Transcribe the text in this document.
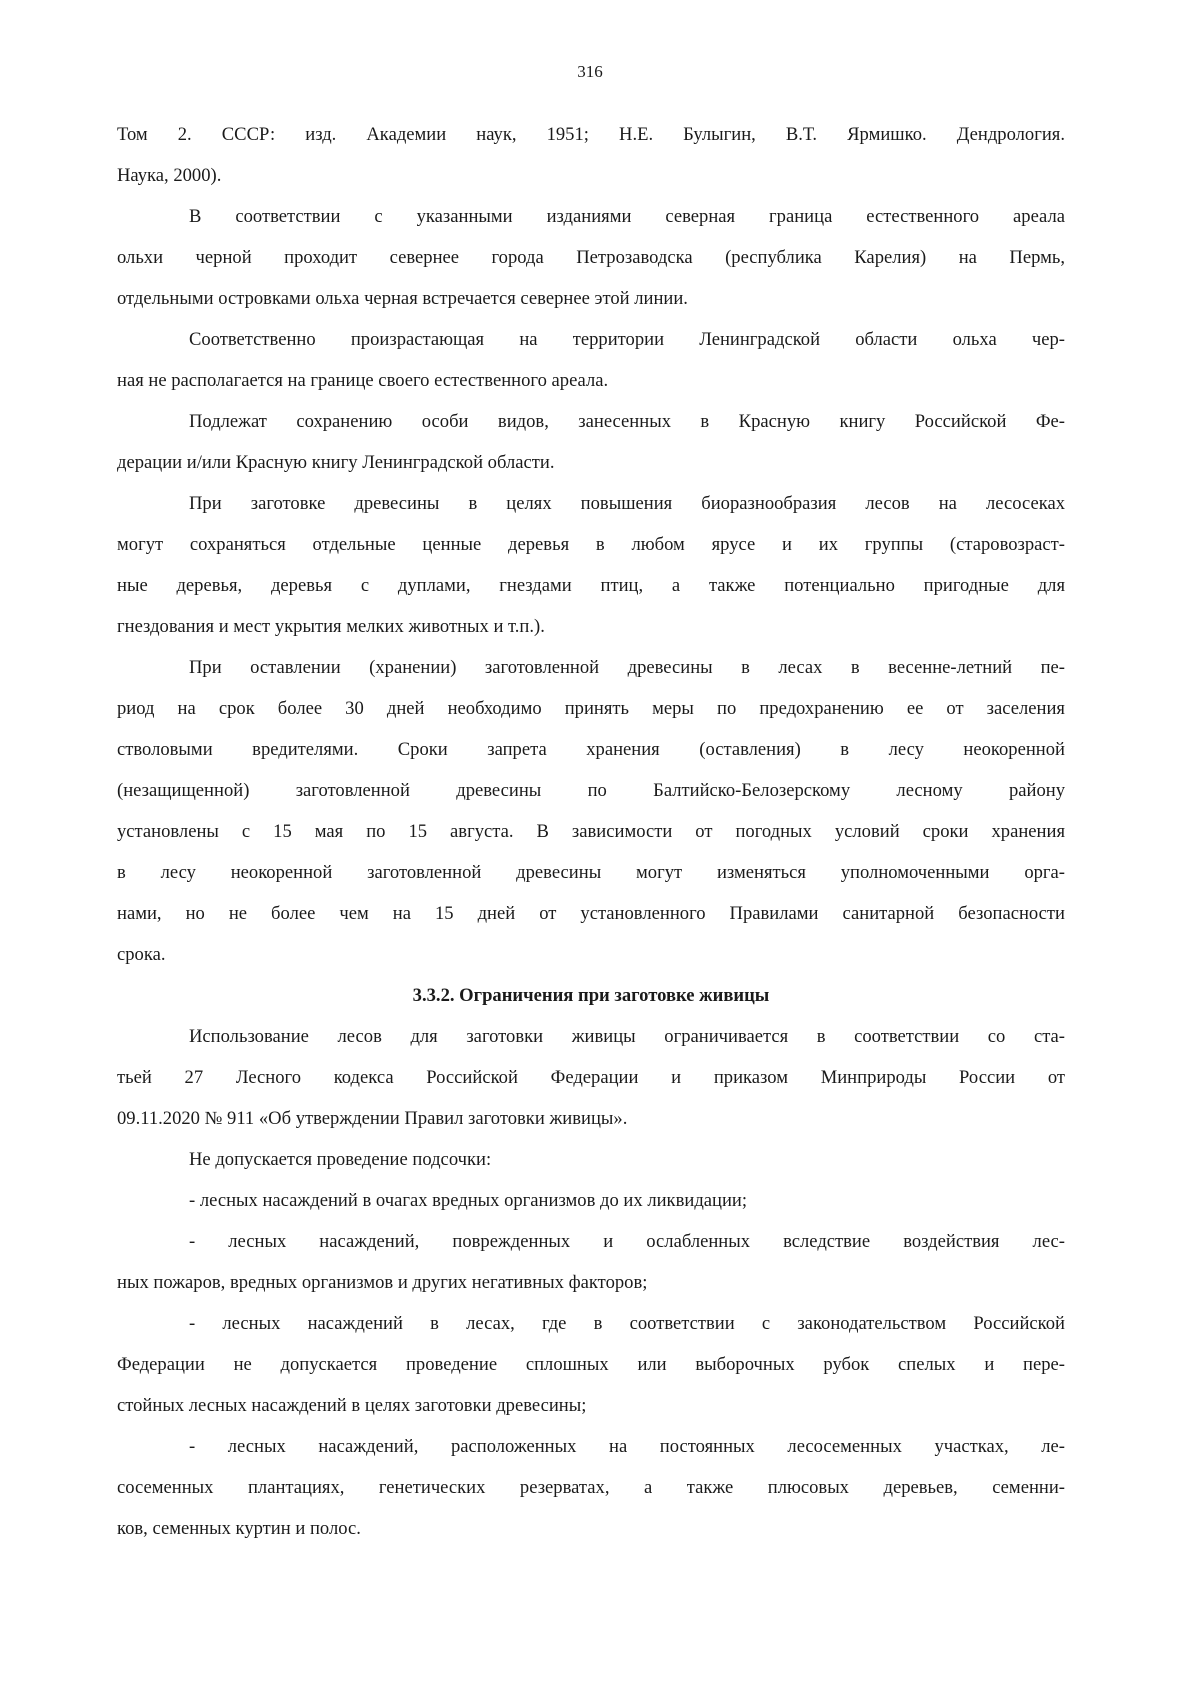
316

Том 2. СССР: изд. Академии наук, 1951; Н.Е. Булыгин, В.Т. Ярмишко. Дендрология.

Наука, 2000).

В соответствии с указанными изданиями северная граница естественного ареала

ольхи черной проходит севернее города Петрозаводска (республика Карелия) на Пермь,

отдельными островками ольха черная встречается севернее этой линии.

Соответственно произрастающая на территории Ленинградской области ольха чер-

ная не располагается на границе своего естественного ареала.

Подлежат сохранению особи видов, занесенных в Красную книгу Российской Фе-

дерации и/или Красную книгу Ленинградской области.

При заготовке древесины в целях повышения биоразнообразия лесов на лесосеках

могут сохраняться отдельные ценные деревья в любом ярусе и их группы (старовозраст-

ные деревья, деревья с дуплами, гнездами птиц, а также потенциально пригодные для

гнездования и мест укрытия мелких животных и т.п.).

При оставлении (хранении) заготовленной древесины в лесах в весенне-летний пе-

риод на срок более 30 дней необходимо принять меры по предохранению ее от заселения

стволовыми вредителями. Сроки запрета хранения (оставления) в лесу неокоренной

(незащищенной) заготовленной древесины по Балтийско-Белозерскому лесному району

установлены с 15 мая по 15 августа. В зависимости от погодных условий сроки хранения

в лесу неокоренной заготовленной древесины могут изменяться уполномоченными орга-

нами, но не более чем на 15 дней от установленного Правилами санитарной безопасности

срока.

3.3.2. Ограничения при заготовке живицы

Использование лесов для заготовки живицы ограничивается в соответствии со ста-

тьей 27 Лесного кодекса Российской Федерации и приказом Минприроды России от

09.11.2020 № 911 «Об утверждении Правил заготовки живицы».

Не допускается проведение подсочки:

- лесных насаждений в очагах вредных организмов до их ликвидации;

- лесных насаждений, поврежденных и ослабленных вследствие воздействия лес-

ных пожаров, вредных организмов и других негативных факторов;

- лесных насаждений в лесах, где в соответствии с законодательством Российской

Федерации не допускается проведение сплошных или выборочных рубок спелых и пере-

стойных лесных насаждений в целях заготовки древесины;

- лесных насаждений, расположенных на постоянных лесосеменных участках, ле-

сосеменных плантациях, генетических резерватах, а также плюсовых деревьев, семенни-

ков, семенных куртин и полос.
